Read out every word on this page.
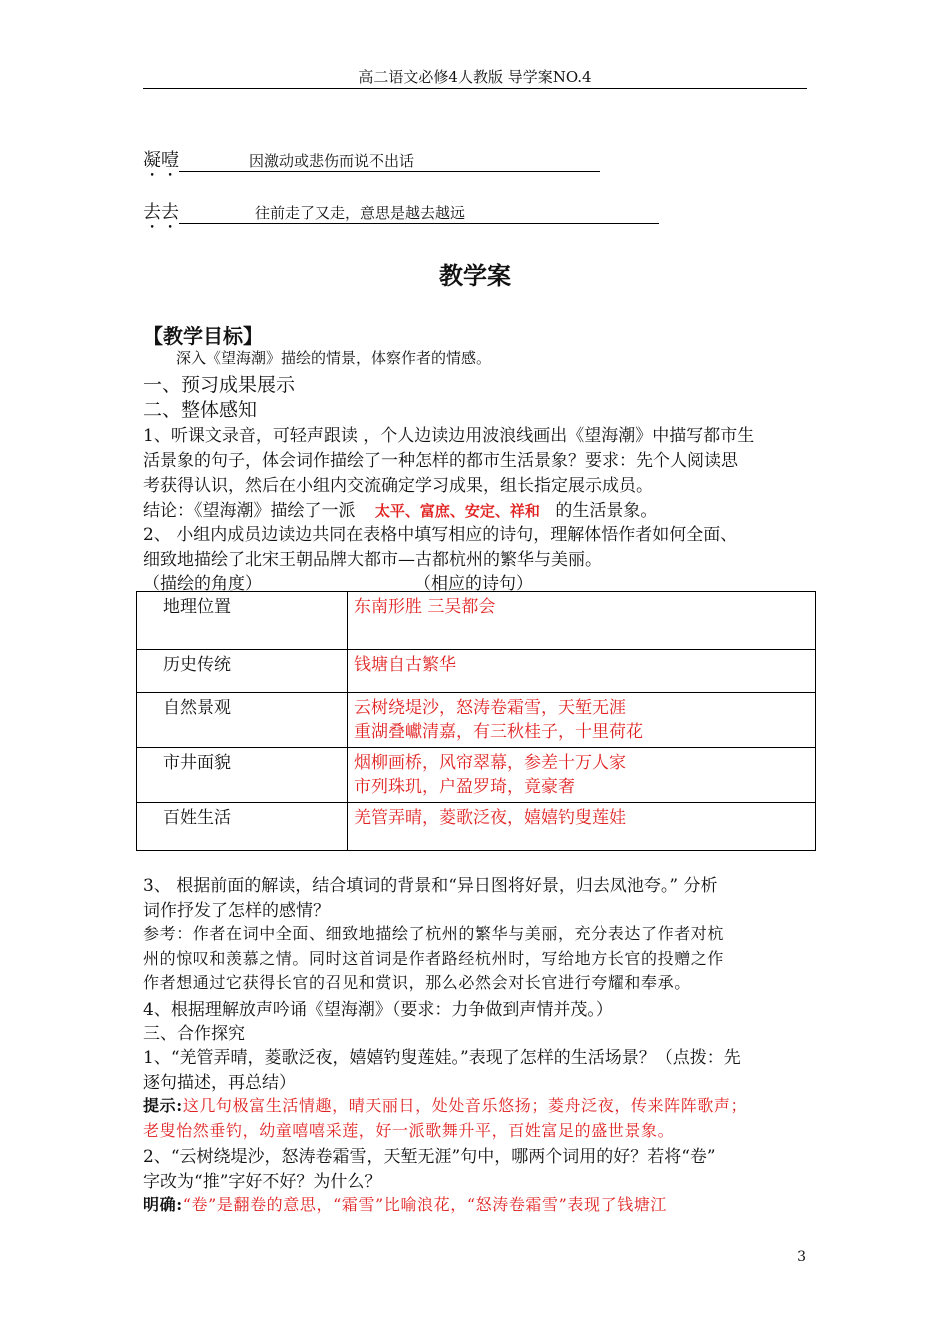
高二语文必修4人教版 导学案NO.4
凝噎	因激动或悲伤而说不出话
去去	往前走了又走，意思是越去越远
教学案
【教学目标】
深入《望海潮》描绘的情景，体察作者的情感。
一、预习成果展示
二、整体感知
1、听课文录音，可轻声跟读 ，个人边读边用波浪线画出《望海潮》中描写都市生
活景象的句子，体会词作描绘了一种怎样的都市生活景象？要求：先个人阅读思
考获得认识，然后在小组内交流确定学习成果，组长指定展示成员。
结论：《望海潮》描绘了一派 太平、富庶、安定、祥和 的生活景象。
2、 小组内成员边读边共同在表格中填写相应的诗句，理解体悟作者如何全面、
细致地描绘了北宋王朝品牌大都市—古都杭州的繁华与美丽。
（描绘的角度）	（相应的诗句）
地理位置	东南形胜 三吴都会

历史传统	钱塘自古繁华

自然景观	云树绕堤沙，怒涛卷霜雪，天堑无涯
重湖叠巘清嘉，有三秋桂子，十里荷花

市井面貌	烟柳画桥，风帘翠幕，参差十万人家
市列珠玑，户盈罗琦，竟豪奢

百姓生活	羌管弄晴，菱歌泛夜，嬉嬉钓叟莲娃
3、 根据前面的解读，结合填词的背景和“异日图将好景，归去凤池夸。” 分析
词作抒发了怎样的感情？
参考：作者在词中全面、细致地描绘了杭州的繁华与美丽，充分表达了作者对杭
州的惊叹和羡慕之情。同时这首词是作者路经杭州时，写给地方长官的投赠之作
作者想通过它获得长官的召见和赏识，那么必然会对长官进行夸耀和奉承。
4、根据理解放声吟诵《望海潮》（要求：力争做到声情并茂。）
三、合作探究
1、“羌管弄晴，菱歌泛夜，嬉嬉钓叟莲娃。”表现了怎样的生活场景？（点拨：先
逐句描述，再总结）
提示:这几句极富生活情趣，晴天丽日，处处音乐悠扬；菱舟泛夜，传来阵阵歌声；
老叟怡然垂钓，幼童嘻嘻采莲，好一派歌舞升平，百姓富足的盛世景象。
2、“云树绕堤沙，怒涛卷霜雪，天堑无涯”句中，哪两个词用的好？若将“卷”
字改为“推”字好不好？为什么？
明确:“卷”是翻卷的意思，“霜雪”比喻浪花，“怒涛卷霜雪”表现了钱塘江
3
